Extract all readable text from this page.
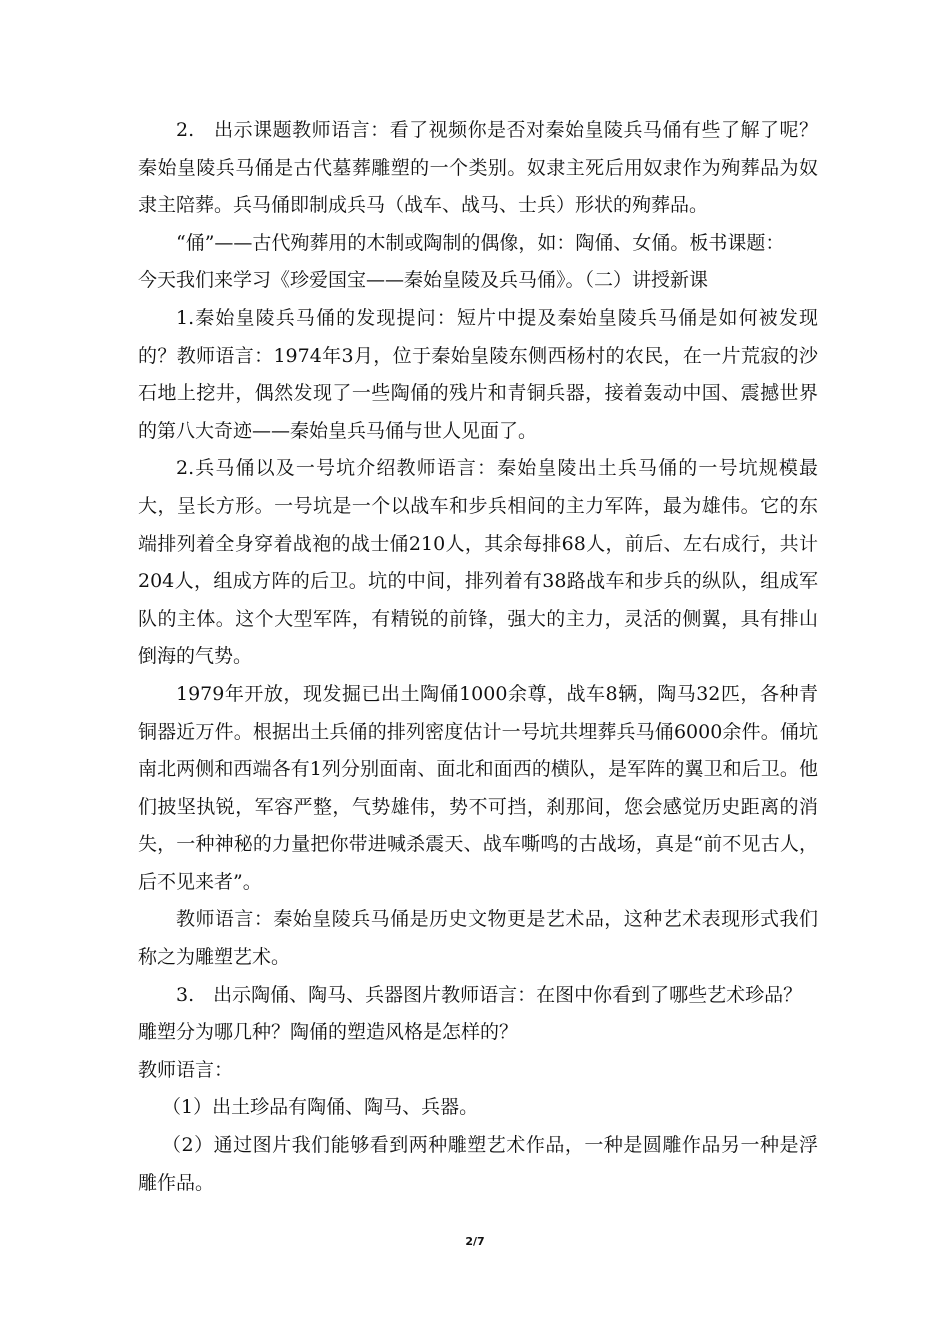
2.　出示课题教师语言：看了视频你是否对秦始皇陵兵马俑有些了解了呢？秦始皇陵兵马俑是古代墓葬雕塑的一个类别。奴隶主死后用奴隶作为殉葬品为奴隶主陪葬。兵马俑即制成兵马（战车、战马、士兵）形状的殉葬品。

“俑”——古代殉葬用的木制或陶制的偶像，如：陶俑、女俑。板书课题：

今天我们来学习《珍爱国宝——秦始皇陵及兵马俑》。（二）讲授新课

1.秦始皇陵兵马俑的发现提问：短片中提及秦始皇陵兵马俑是如何被发现的？教师语言：1974年3月，位于秦始皇陵东侧西杨村的农民，在一片荒寂的沙石地上挖井，偶然发现了一些陶俑的残片和青铜兵器，接着轰动中国、震撼世界的第八大奇迹——秦始皇兵马俑与世人见面了。

2.兵马俑以及一号坑介绍教师语言：秦始皇陵出土兵马俑的一号坑规模最大，呈长方形。一号坑是一个以战车和步兵相间的主力军阵，最为雄伟。它的东端排列着全身穿着战袍的战士俑210人，其余每排68人，前后、左右成行，共计204人，组成方阵的后卫。坑的中间，排列着有38路战车和步兵的纵队，组成军队的主体。这个大型军阵，有精锐的前锋，强大的主力，灵活的侧翼，具有排山倒海的气势。

1979年开放，现发掘已出土陶俑1000余尊，战车8辆，陶马32匹，各种青铜器近万件。根据出土兵俑的排列密度估计一号坑共埋葬兵马俑6000余件。俑坑南北两侧和西端各有1列分别面南、面北和面西的横队，是军阵的翼卫和后卫。他们披坚执锐，军容严整，气势雄伟，势不可挡，刹那间，您会感觉历史距离的消失，一种神秘的力量把你带进喊杀震天、战车嘶鸣的古战场，真是“前不见古人，后不见来者”。

教师语言：秦始皇陵兵马俑是历史文物更是艺术品，这种艺术表现形式我们称之为雕塑艺术。

3.　出示陶俑、陶马、兵器图片教师语言：在图中你看到了哪些艺术珍品？

雕塑分为哪几种？陶俑的塑造风格是怎样的？

教师语言：

（1）出土珍品有陶俑、陶马、兵器。

（2）通过图片我们能够看到两种雕塑艺术作品，一种是圆雕作品另一种是浮雕作品。

2/7
